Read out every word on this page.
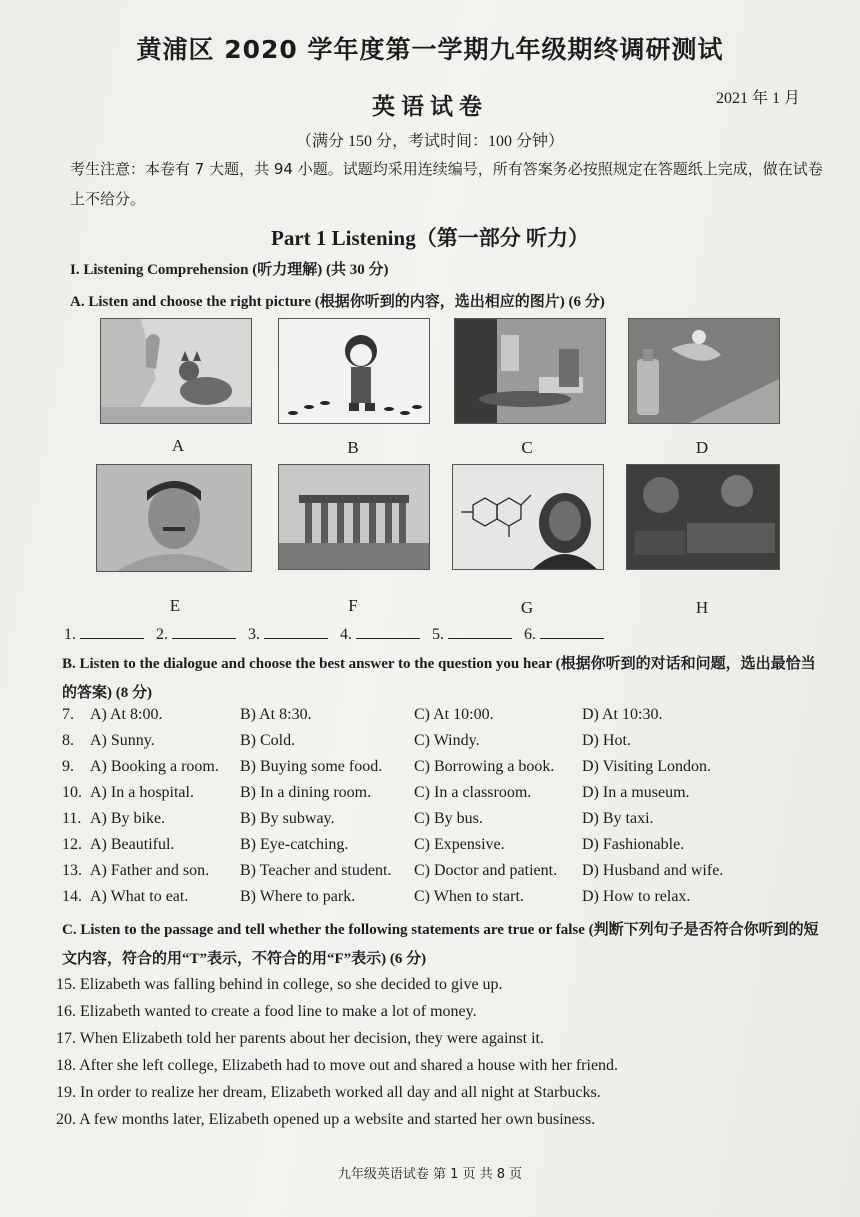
黄浦区 2020 学年度第一学期九年级期终调研测试
英语试卷	2021 年 1 月
（满分 150 分，考试时间：100 分钟）
考生注意：本卷有 7 大题，共 94 小题。试题均采用连续编号，所有答案务必按照规定在答题纸上完成，做在试卷上不给分。
Part 1 Listening（第一部分 听力）
I. Listening Comprehension (听力理解) (共 30 分)
A. Listen and choose the right picture (根据你听到的内容，选出相应的图片) (6 分)
A	B	C	D
E	F	G	H
1.	2.	3.	4.	5.	6.
B. Listen to the dialogue and choose the best answer to the question you hear (根据你听到的对话和问题，选出最恰当的答案) (8 分)
7. A) At 8:00.	B) At 8:30.	C) At 10:00.	D) At 10:30.
8. A) Sunny.	B) Cold.	C) Windy.	D) Hot.
9. A) Booking a room. B) Buying some food. C) Borrowing a book. D) Visiting London.
10. A) In a hospital.	B) In a dining room.	C) In a classroom.	D) In a museum.
11. A) By bike.	B) By subway.	C) By bus.	D) By taxi.
12. A) Beautiful.	B) Eye-catching.	C) Expensive.	D) Fashionable.
13. A) Father and son. B) Teacher and student. C) Doctor and patient. D) Husband and wife.
14. A) What to eat.	B) Where to park.	C) When to start.	D) How to relax.
C. Listen to the passage and tell whether the following statements are true or false (判断下列句子是否符合你听到的短文内容，符合的用“T”表示，不符合的用“F”表示) (6 分)
15. Elizabeth was falling behind in college, so she decided to give up.
16. Elizabeth wanted to create a food line to make a lot of money.
17. When Elizabeth told her parents about her decision, they were against it.
18. After she left college, Elizabeth had to move out and shared a house with her friend.
19. In order to realize her dream, Elizabeth worked all day and all night at Starbucks.
20. A few months later, Elizabeth opened up a website and started her own business.
九年级英语试卷 第 1 页 共 8 页
